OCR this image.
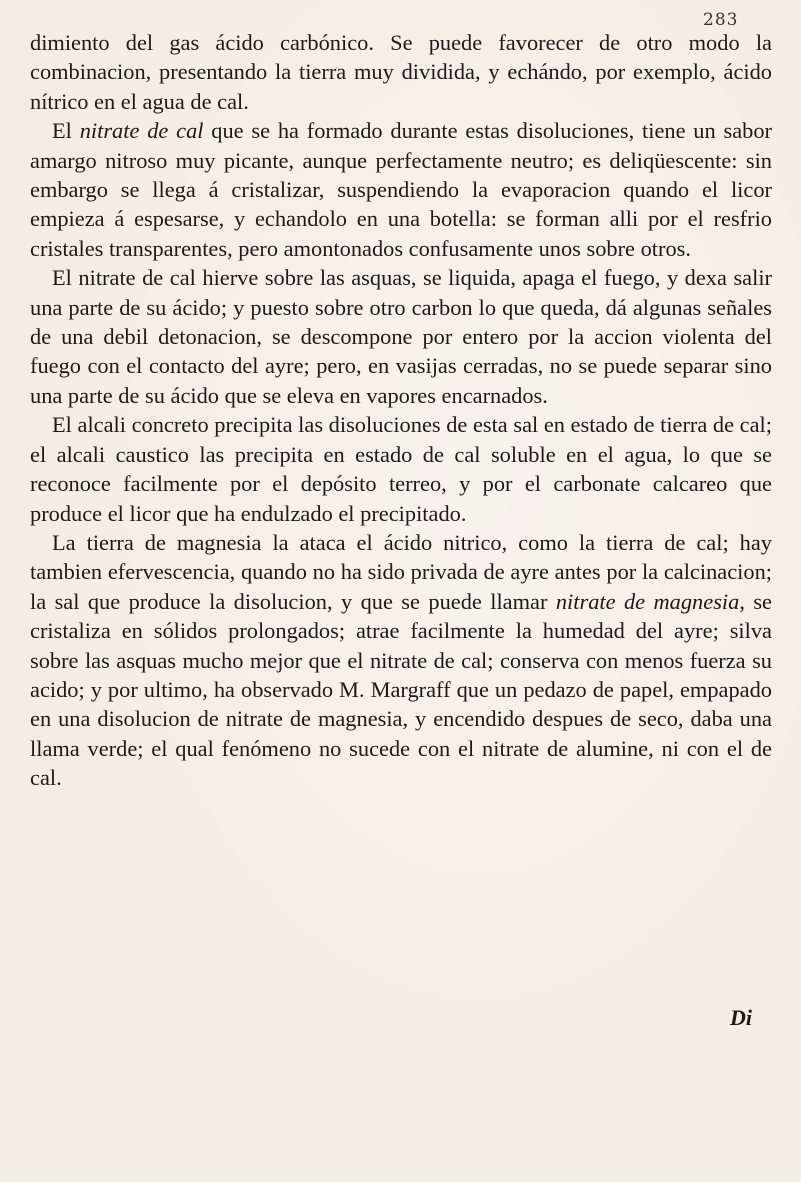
283

dimiento del gas ácido carbónico. Se puede favorecer de otro modo la combinacion, presentando la tierra muy dividida, y echándo, por exemplo, ácido nítrico en el agua de cal.

El nitrate de cal que se ha formado durante estas disoluciones, tiene un sabor amargo nitroso muy picante, aunque perfectamente neutro; es deliqüescente: sin embargo se llega á cristalizar, suspendiendo la evaporacion quando el licor empieza á espesarse, y echandolo en una botella: se forman alli por el resfrio cristales transparentes, pero amontonados confusamente unos sobre otros.

El nitrate de cal hierve sobre las asquas, se liquida, apaga el fuego, y dexa salir una parte de su ácido; y puesto sobre otro carbon lo que queda, dá algunas señales de una debil detonacion, se descompone por entero por la accion violenta del fuego con el contacto del ayre; pero, en vasijas cerradas, no se puede separar sino una parte de su ácido que se eleva en vapores encarnados.

El alcali concreto precipita las disoluciones de esta sal en estado de tierra de cal; el alcali caustico las precipita en estado de cal soluble en el agua, lo que se reconoce facilmente por el depósito terreo, y por el carbonate calcareo que produce el licor que ha endulzado el precipitado.

La tierra de magnesia la ataca el ácido nitrico, como la tierra de cal; hay tambien efervescencia, quando no ha sido privada de ayre antes por la calcinacion; la sal que produce la disolucion, y que se puede llamar nitrate de magnesia, se cristaliza en sólidos prolongados; atrae facilmente la humedad del ayre; silva sobre las asquas mucho mejor que el nitrate de cal; conserva con menos fuerza su acido; y por ultimo, ha observado M. Margraff que un pedazo de papel, empapado en una disolucion de nitrate de magnesia, y encendido despues de seco, daba una llama verde; el qual fenómeno no sucede con el nitrate de alumine, ni con el de cal.

Di
